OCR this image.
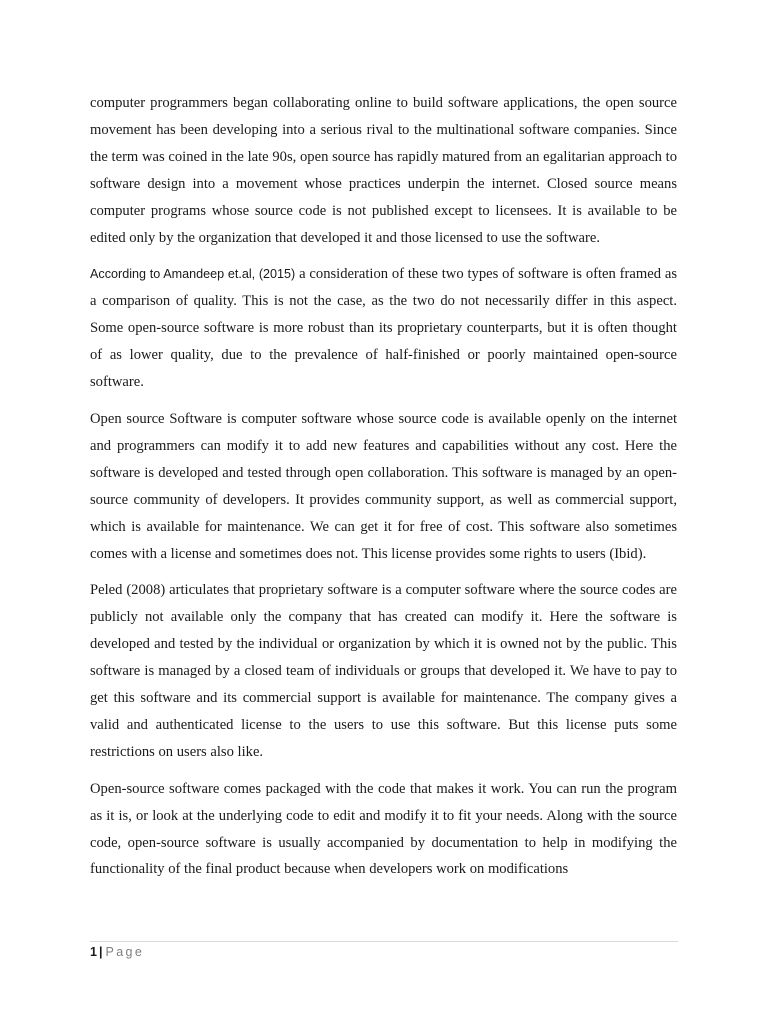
computer programmers began collaborating online to build software applications, the open source movement has been developing into a serious rival to the multinational software companies. Since the term was coined in the late 90s, open source has rapidly matured from an egalitarian approach to software design into a movement whose practices underpin the internet. Closed source means computer programs whose source code is not published except to licensees. It is available to be edited only by the organization that developed it and those licensed to use the software.

According to Amandeep et.al, (2015) a consideration of these two types of software is often framed as a comparison of quality. This is not the case, as the two do not necessarily differ in this aspect. Some open-source software is more robust than its proprietary counterparts, but it is often thought of as lower quality, due to the prevalence of half-finished or poorly maintained open-source software.

Open source Software is computer software whose source code is available openly on the internet and programmers can modify it to add new features and capabilities without any cost. Here the software is developed and tested through open collaboration. This software is managed by an open-source community of developers. It provides community support, as well as commercial support, which is available for maintenance. We can get it for free of cost. This software also sometimes comes with a license and sometimes does not. This license provides some rights to users (Ibid).

Peled (2008) articulates that proprietary software is a computer software where the source codes are publicly not available only the company that has created can modify it. Here the software is developed and tested by the individual or organization by which it is owned not by the public. This software is managed by a closed team of individuals or groups that developed it. We have to pay to get this software and its commercial support is available for maintenance. The company gives a valid and authenticated license to the users to use this software. But this license puts some restrictions on users also like.

Open-source software comes packaged with the code that makes it work. You can run the program as it is, or look at the underlying code to edit and modify it to fit your needs. Along with the source code, open-source software is usually accompanied by documentation to help in modifying the functionality of the final product because when developers work on modifications

1 | Page
